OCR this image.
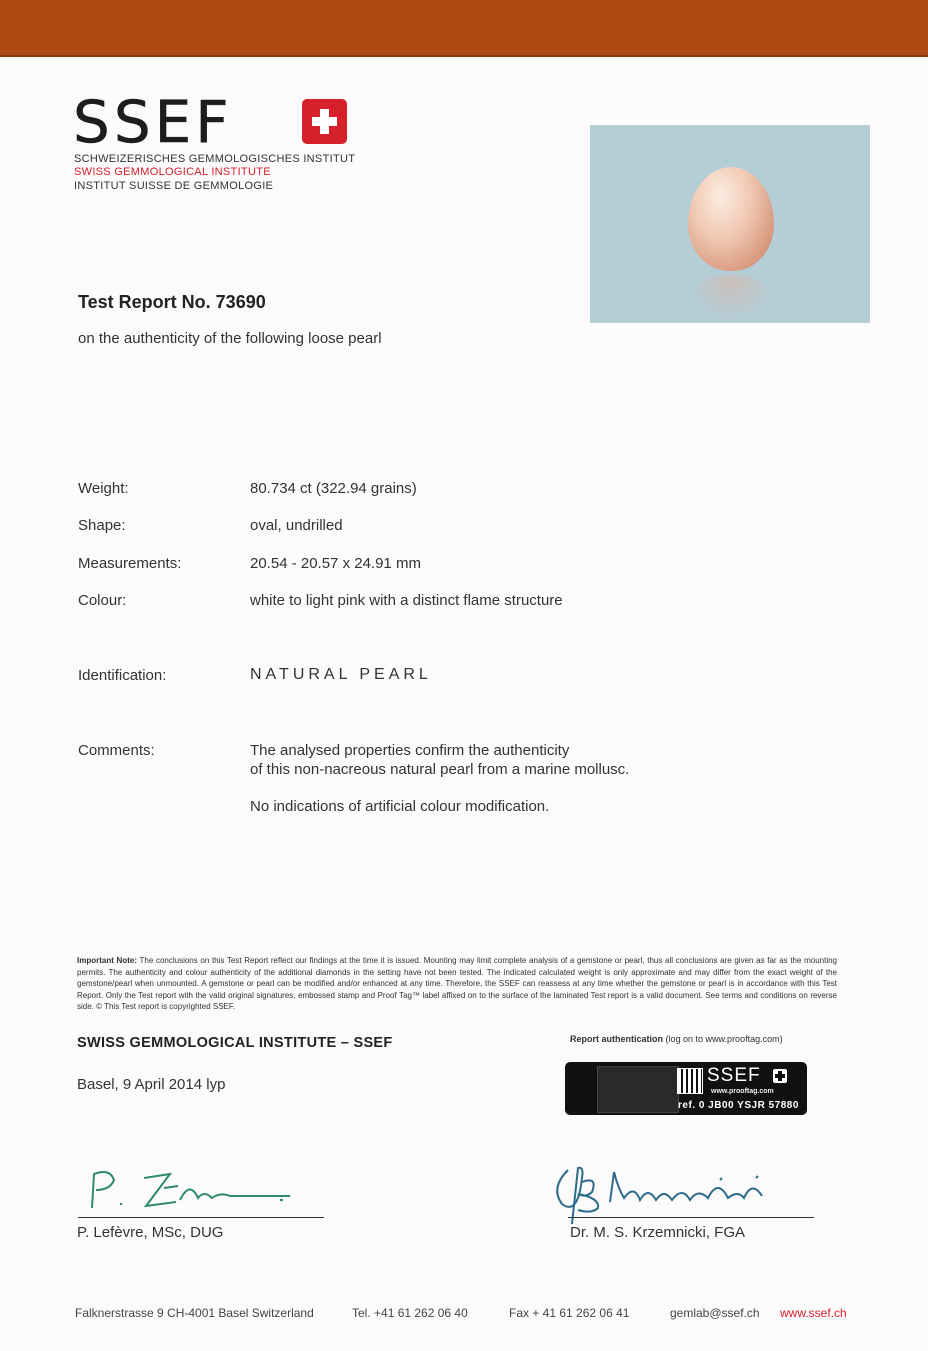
SSEF
SCHWEIZERISCHES GEMMOLOGISCHES INSTITUT
SWISS GEMMOLOGICAL INSTITUTE
INSTITUT SUISSE DE GEMMOLOGIE
Test Report No. 73690
on the authenticity of the following loose pearl
Weight:	80.734 ct (322.94 grains)
Shape:	oval, undrilled
Measurements:	20.54 - 20.57 x 24.91 mm
Colour:	white to light pink with a distinct flame structure
Identification:	NATURAL PEARL
Comments:	The analysed properties confirm the authenticity
of this non-nacreous natural pearl from a marine mollusc.
No indications of artificial colour modification.
Important Note: The conclusions on this Test Report reflect our findings at the time it is issued. Mounting may limit complete analysis of a gemstone or pearl, thus all conclusions are given as far as the mounting permits. The authenticity and colour authenticity of the additional diamonds in the setting have not been tested. The indicated calculated weight is only approximate and may differ from the exact weight of the gemstone/pearl when unmounted. A gemstone or pearl can be modified and/or enhanced at any time. Therefore, the SSEF can reassess at any time whether the gemstone or pearl is in accordance with this Test Report. Only the Test report with the valid original signatures, embossed stamp and Proof Tag™ label affixed on to the surface of the laminated Test report is a valid document. See terms and conditions on reverse side. © This Test report is copyrighted SSEF.
SWISS GEMMOLOGICAL INSTITUTE – SSEF
Basel, 9 April 2014 lyp
Report authentication (log on to www.prooftag.com)
SSEF
www.prooftag.com
ref. 0 JB00 YSJR 57880
P. Lefèvre, MSc, DUG	Dr. M. S. Krzemnicki, FGA
Falknerstrasse 9 CH-4001 Basel Switzerland	Tel. +41 61 262 06 40	Fax + 41 61 262 06 41	gemlab@ssef.ch www.ssef.ch
